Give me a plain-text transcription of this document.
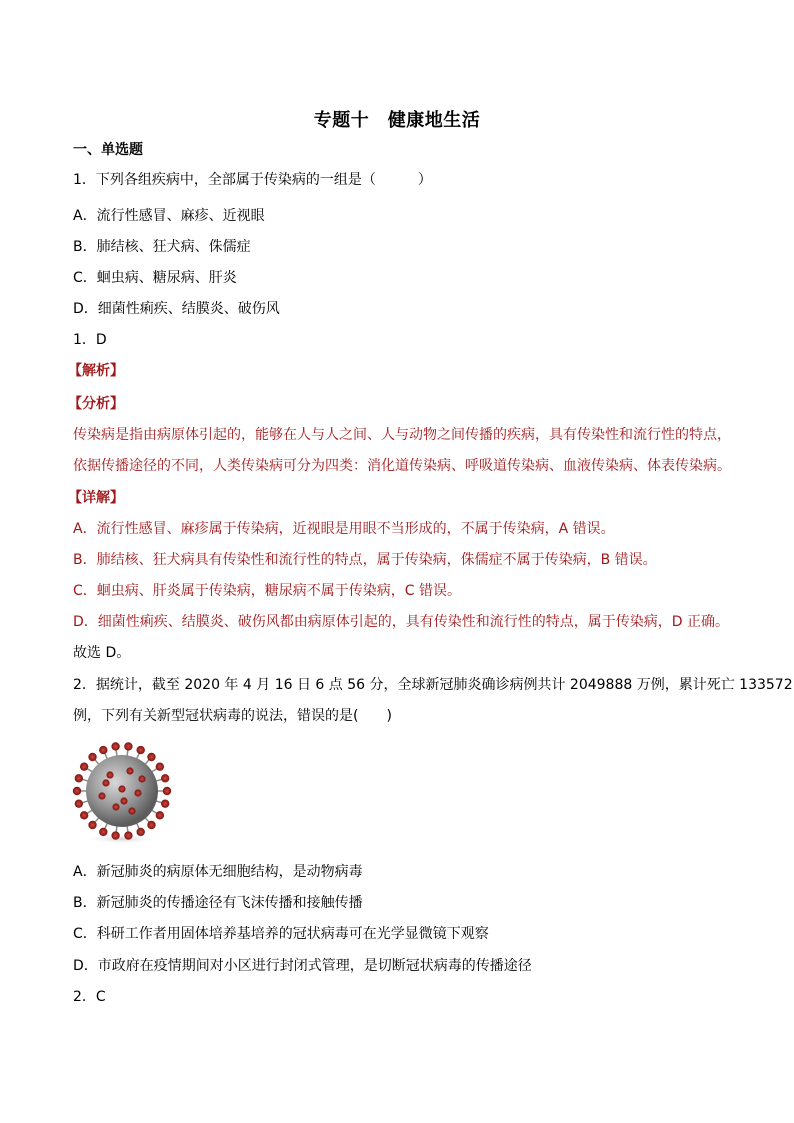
专题十　健康地生活
一、单选题
1．下列各组疾病中，全部属于传染病的一组是（　　　）
A．流行性感冒、麻疹、近视眼
B．肺结核、狂犬病、侏儒症
C．蛔虫病、糖尿病、肝炎
D．细菌性痢疾、结膜炎、破伤风
1．D
【解析】
【分析】
传染病是指由病原体引起的，能够在人与人之间、人与动物之间传播的疾病，具有传染性和流行性的特点，
依据传播途径的不同，人类传染病可分为四类：消化道传染病、呼吸道传染病、血液传染病、体表传染病。
【详解】
A．流行性感冒、麻疹属于传染病，近视眼是用眼不当形成的，不属于传染病，A 错误。
B．肺结核、狂犬病具有传染性和流行性的特点，属于传染病，侏儒症不属于传染病，B 错误。
C．蛔虫病、肝炎属于传染病，糖尿病不属于传染病，C 错误。
D．细菌性痢疾、结膜炎、破伤风都由病原体引起的，具有传染性和流行性的特点，属于传染病，D 正确。
故选 D。
2．据统计，截至 2020 年 4 月 16 日 6 点 56 分，全球新冠肺炎确诊病例共计 2049888 万例，累计死亡 133572
例，下列有关新型冠状病毒的说法，错误的是(　　)
A．新冠肺炎的病原体无细胞结构，是动物病毒
B．新冠肺炎的传播途径有飞沫传播和接触传播
C．科研工作者用固体培养基培养的冠状病毒可在光学显微镜下观察
D．市政府在疫情期间对小区进行封闭式管理，是切断冠状病毒的传播途径
2．C
